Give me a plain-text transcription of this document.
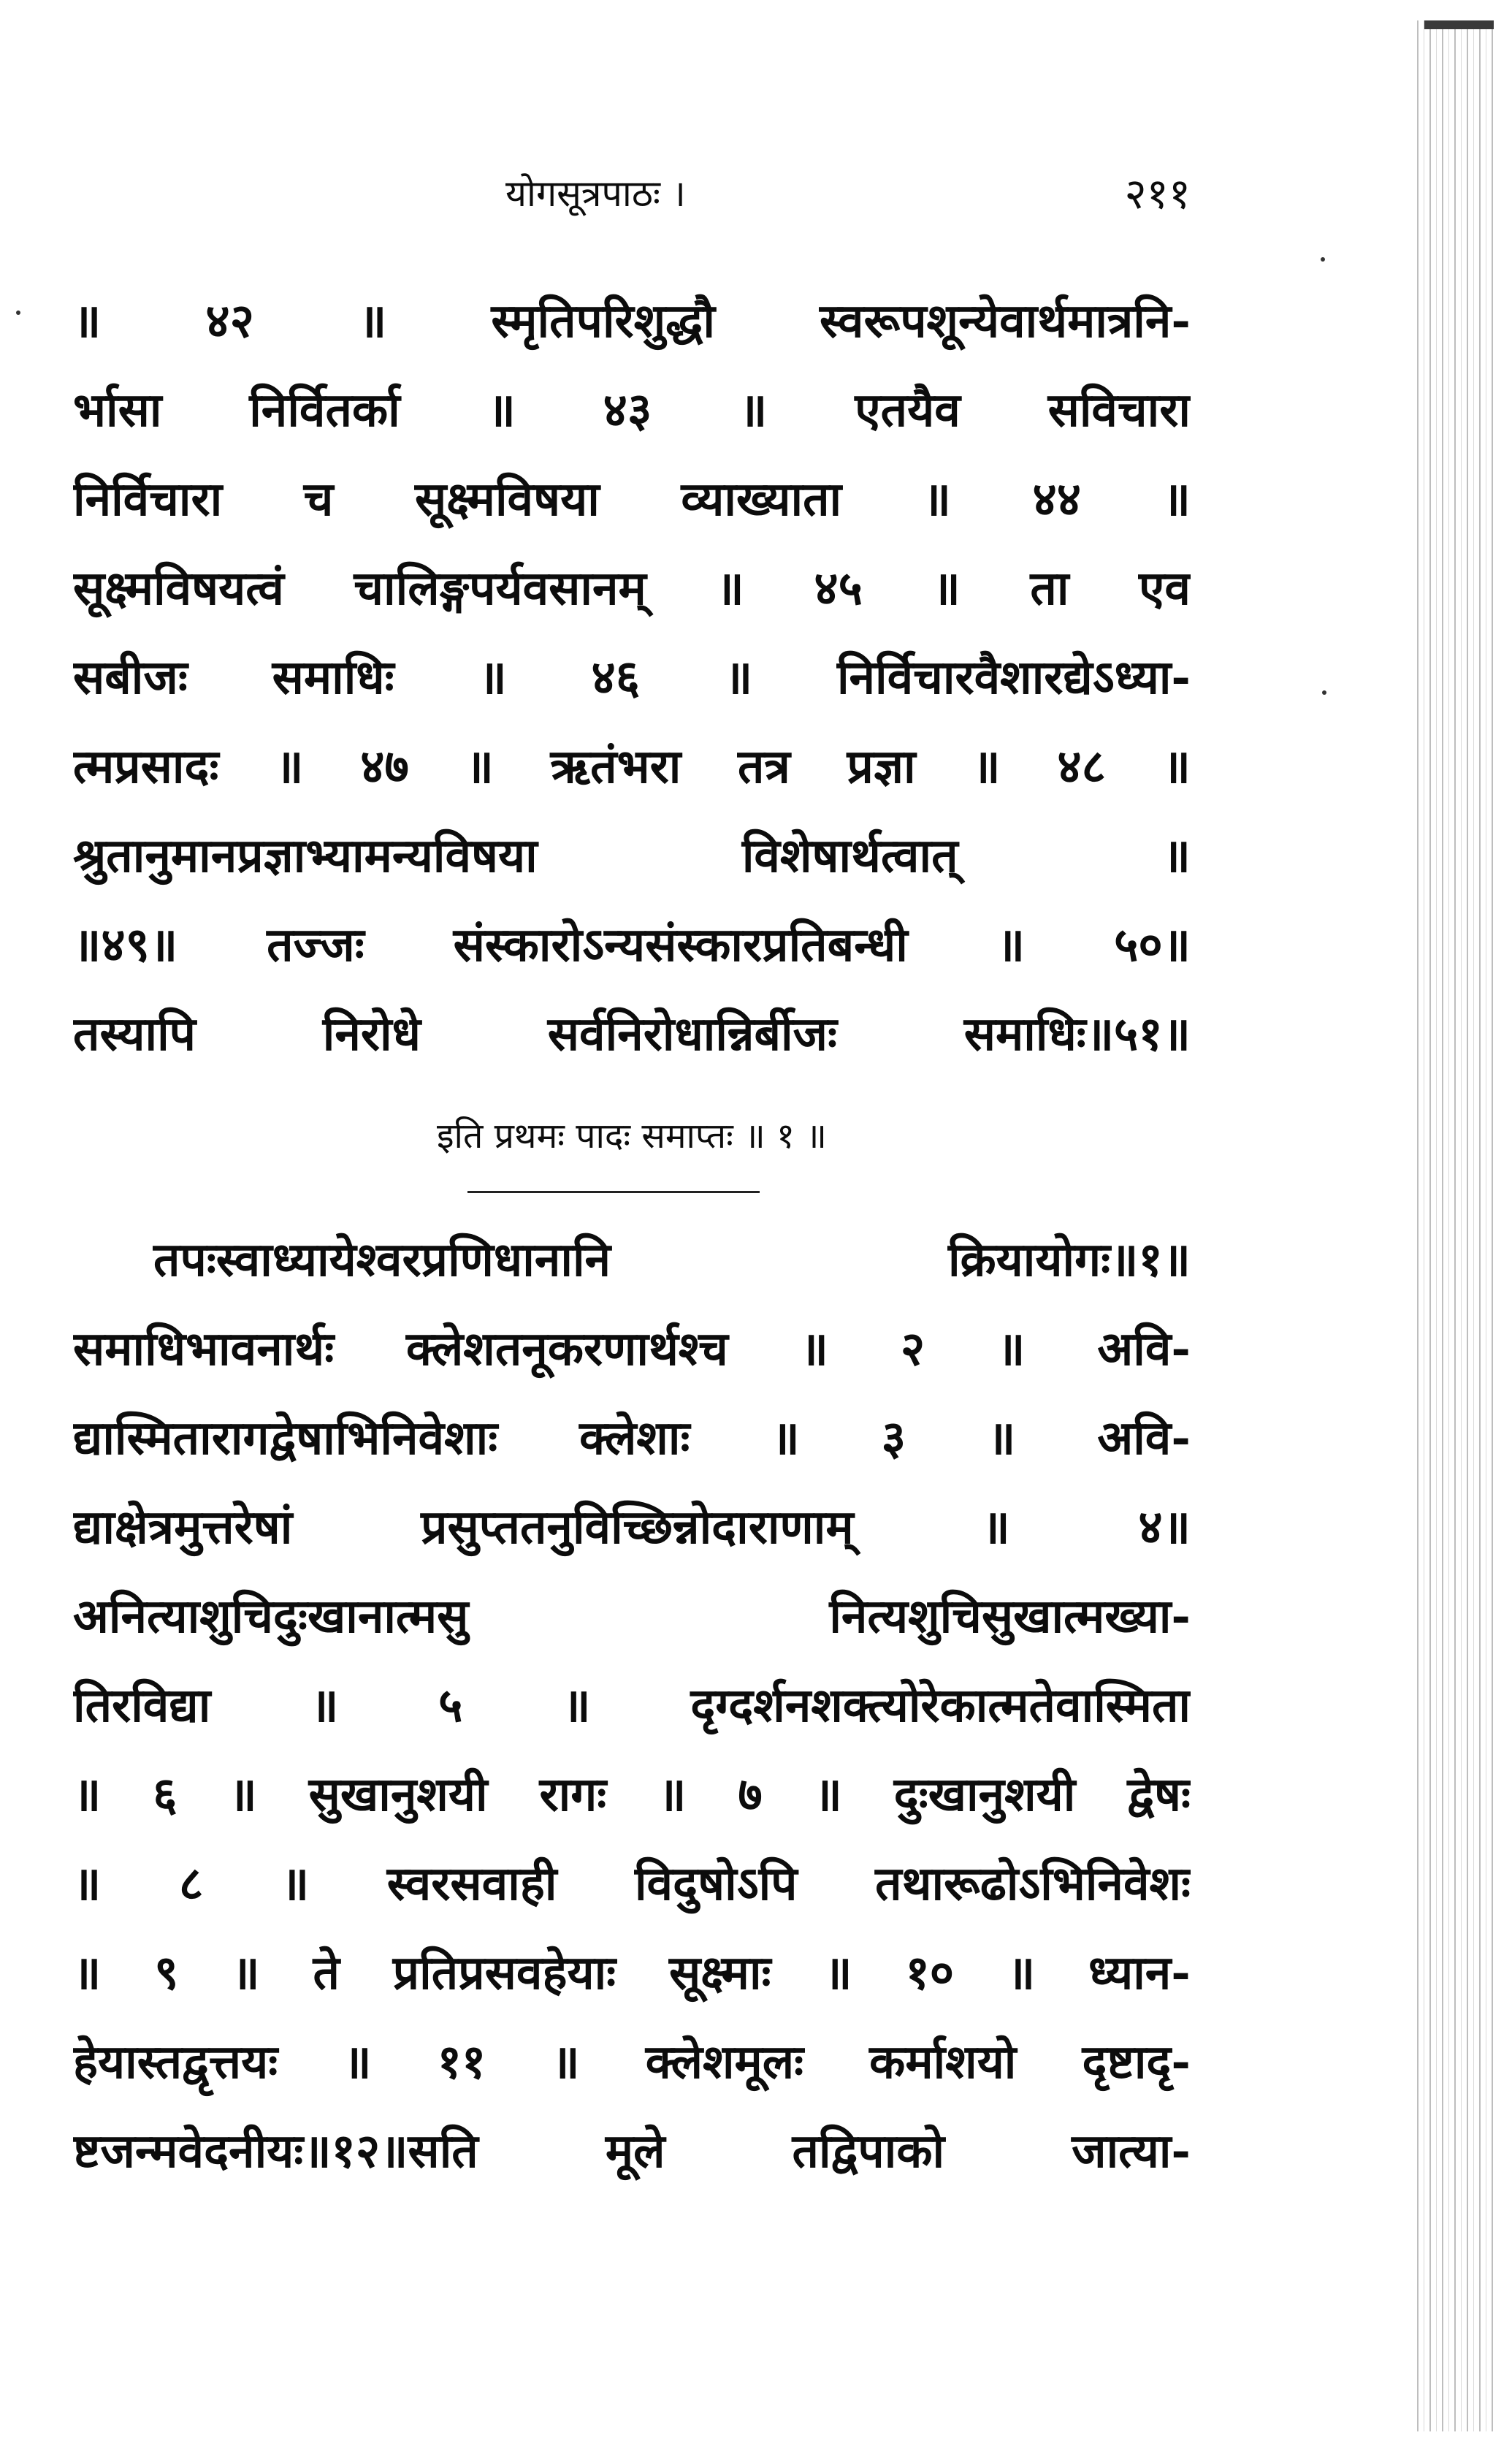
योगसूत्रपाठः ।	२११
॥ ४२ ॥ स्मृतिपरिशुद्धौ स्वरूपशून्येवार्थमात्रनि-
र्भासा निर्वितर्का ॥ ४३ ॥ एतयैव सविचारा
निर्विचारा च सूक्ष्मविषया व्याख्याता ॥ ४४ ॥
सूक्ष्मविषयत्वं चालिङ्गपर्यवसानम् ॥ ४५ ॥ ता एव
सबीजः समाधिः ॥ ४६ ॥ निर्विचारवैशारद्येऽध्या-
त्मप्रसादः ॥ ४७ ॥ ऋतंभरा तत्र प्रज्ञा ॥ ४८ ॥
श्रुतानुमानप्रज्ञाभ्यामन्यविषया	विशेषार्थत्वात्	॥
॥४९॥ तज्जः संस्कारोऽन्यसंस्कारप्रतिबन्धी ॥ ५०॥
तस्यापि	निरोधे	सर्वनिरोधान्निर्बीजः	समाधिः॥५१॥
इति प्रथमः पादः समाप्तः ॥ १ ॥
तपःस्वाध्यायेश्वरप्रणिधानानि	क्रियायोगः॥१॥
समाधिभावनार्थः क्लेशतनूकरणार्थश्च ॥ २ ॥ अवि-
द्यास्मितारागद्वेषाभिनिवेशाः क्लेशाः ॥ ३ ॥ अवि-
द्याक्षेत्रमुत्तरेषां	प्रसुप्ततनुविच्छिन्नोदाराणाम्	॥	४॥
अनित्याशुचिदुःखानात्मसु	नित्यशुचिसुखात्मख्या-
तिरविद्या ॥ ५ ॥ दृग्दर्शनशक्त्योरेकात्मतेवास्मिता
॥ ६ ॥ सुखानुशयी रागः ॥ ७ ॥ दुःखानुशयी द्वेषः
॥ ८ ॥ स्वरसवाही विदुषोऽपि तथारूढोऽभिनिवेशः
॥ ९ ॥ ते प्रतिप्रसवहेयाः सूक्ष्माः ॥ १० ॥ ध्यान-
हेयास्तद्वृत्तयः ॥ ११ ॥ क्लेशमूलः कर्माशयो दृष्टादृ-
ष्टजन्मवेदनीयः॥१२॥सति	मूले	तद्विपाको	जात्या-
